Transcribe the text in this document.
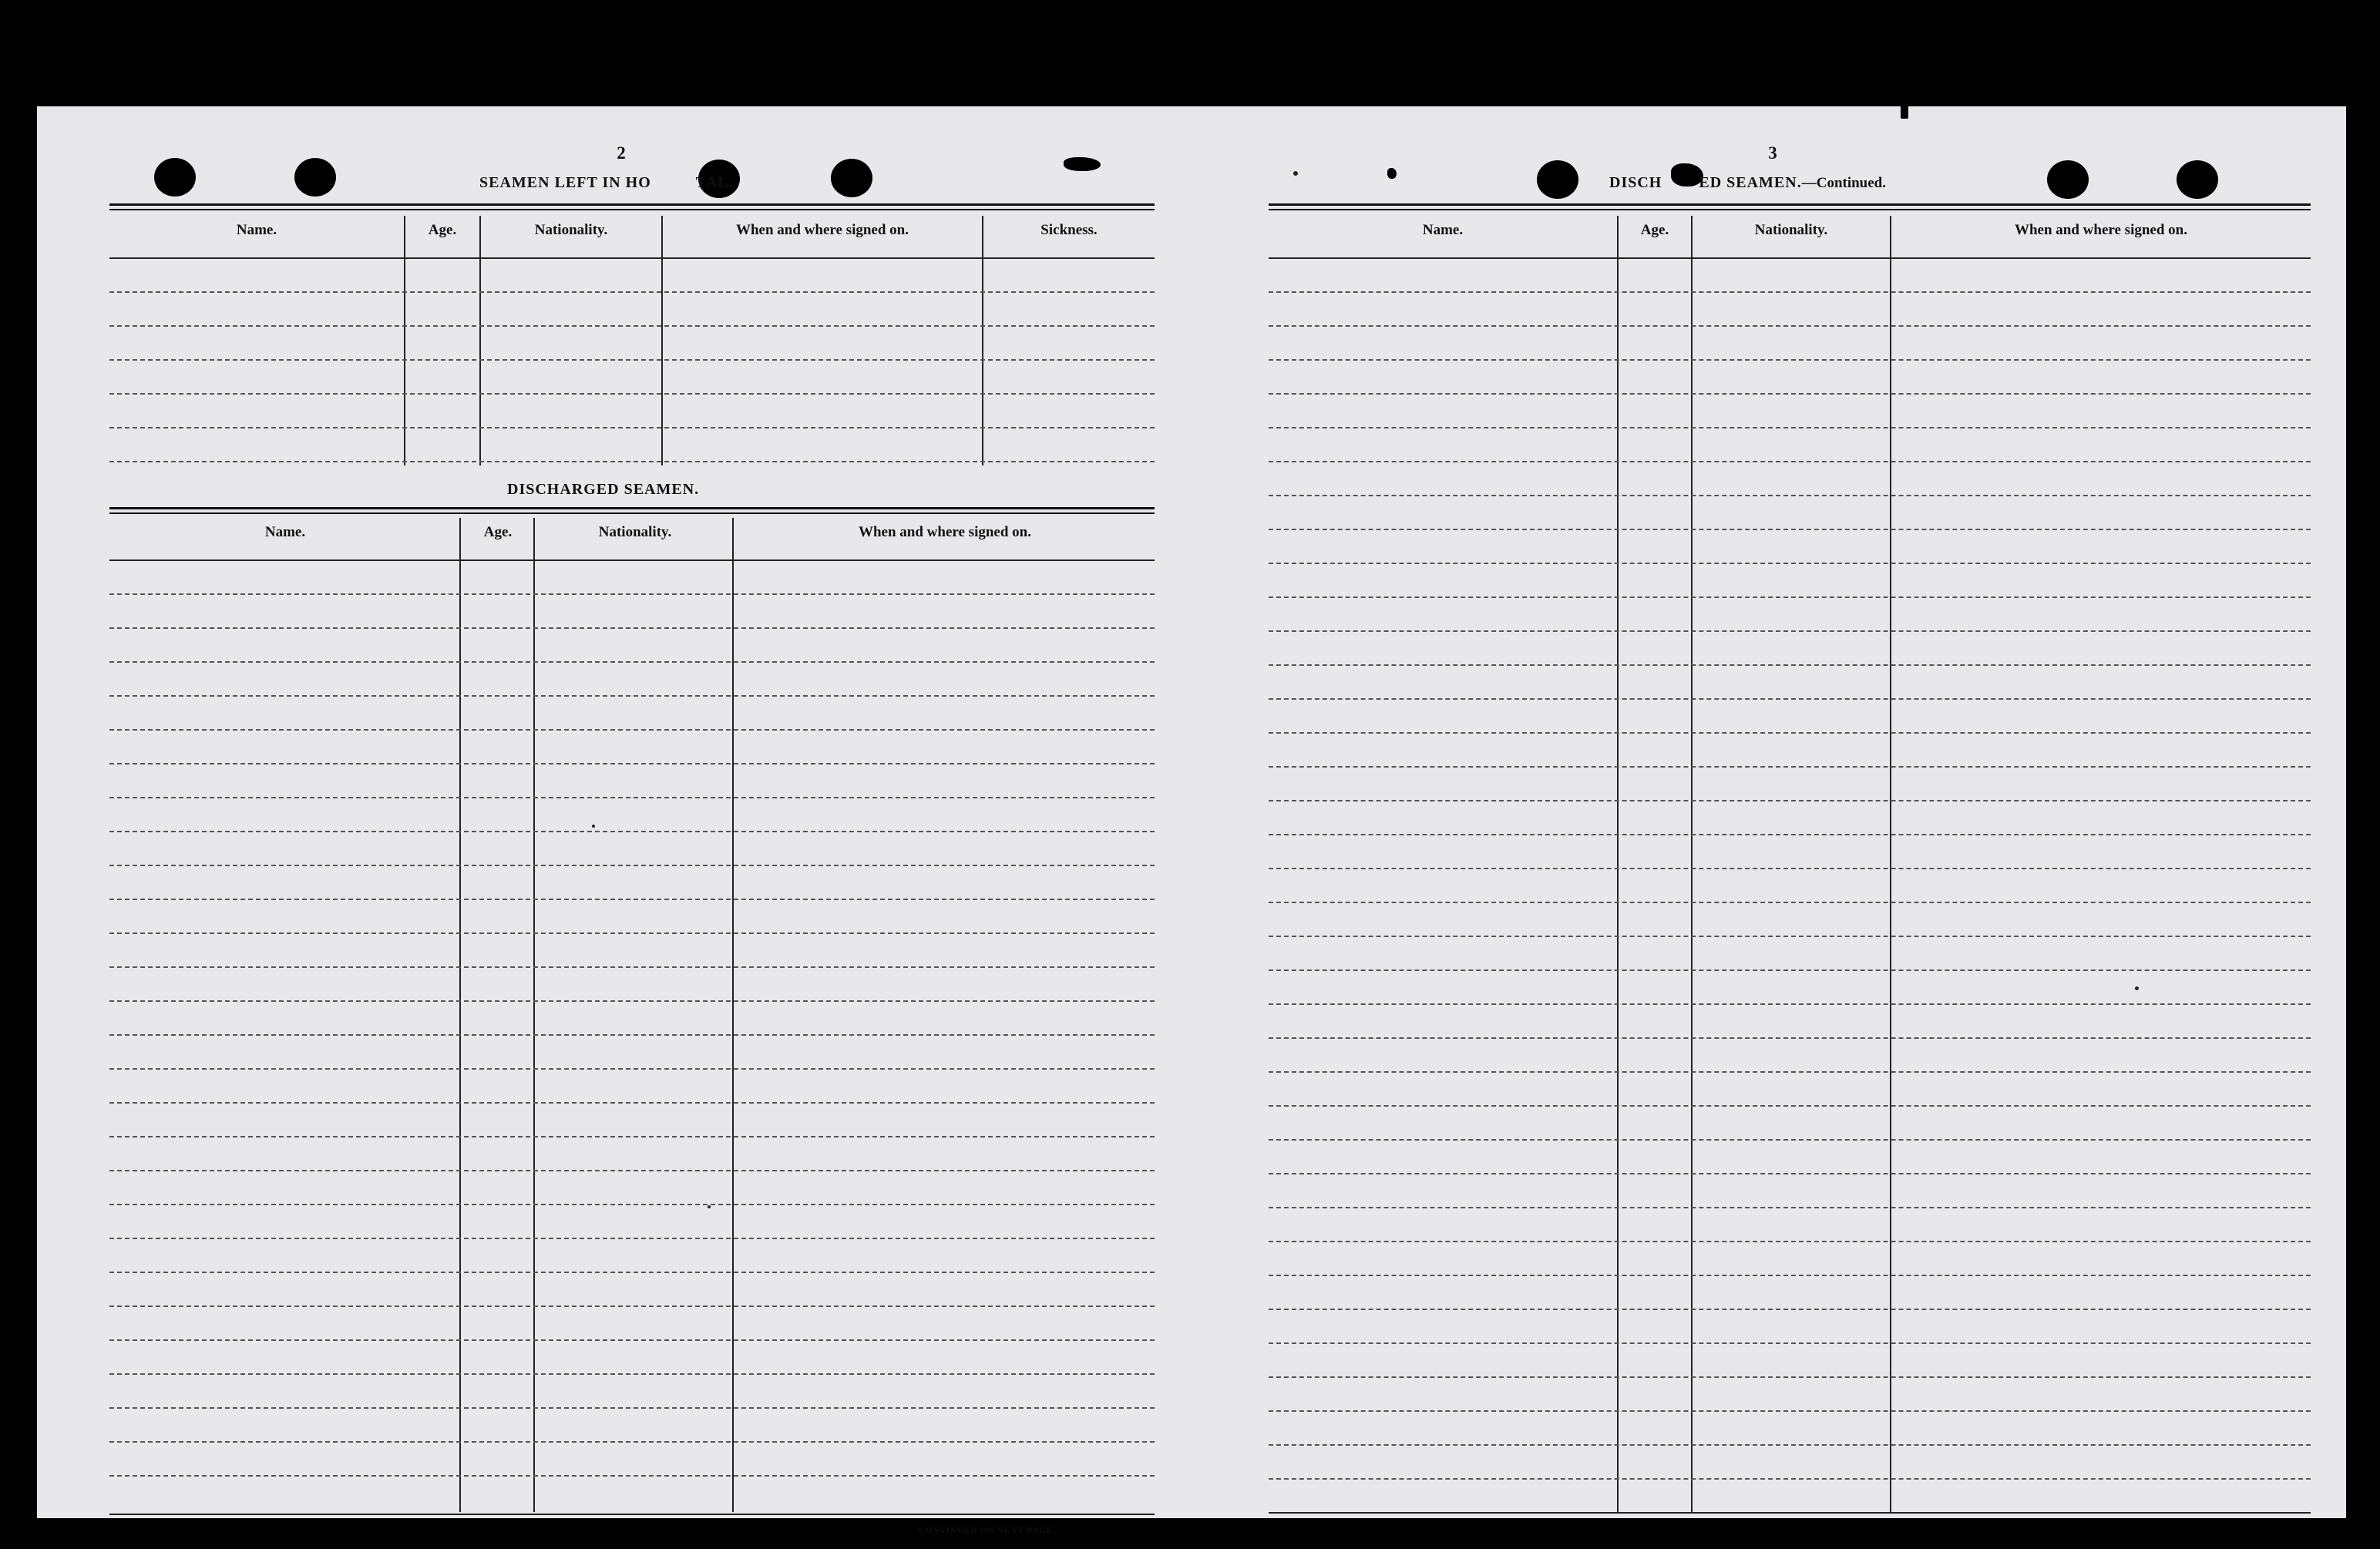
2
SEAMEN LEFT IN HO	TAL.
Name.	Age.	Nationality.	When and where signed on.	Sickness.
DISCHARGED SEAMEN.
Name.	Age.	Nationality.	When and where signed on.
CONTINUED ON NEXT PAGE.
3
DISCH ED SEAMEN.—Continued.
Name.	Age.	Nationality.	When and where signed on.
